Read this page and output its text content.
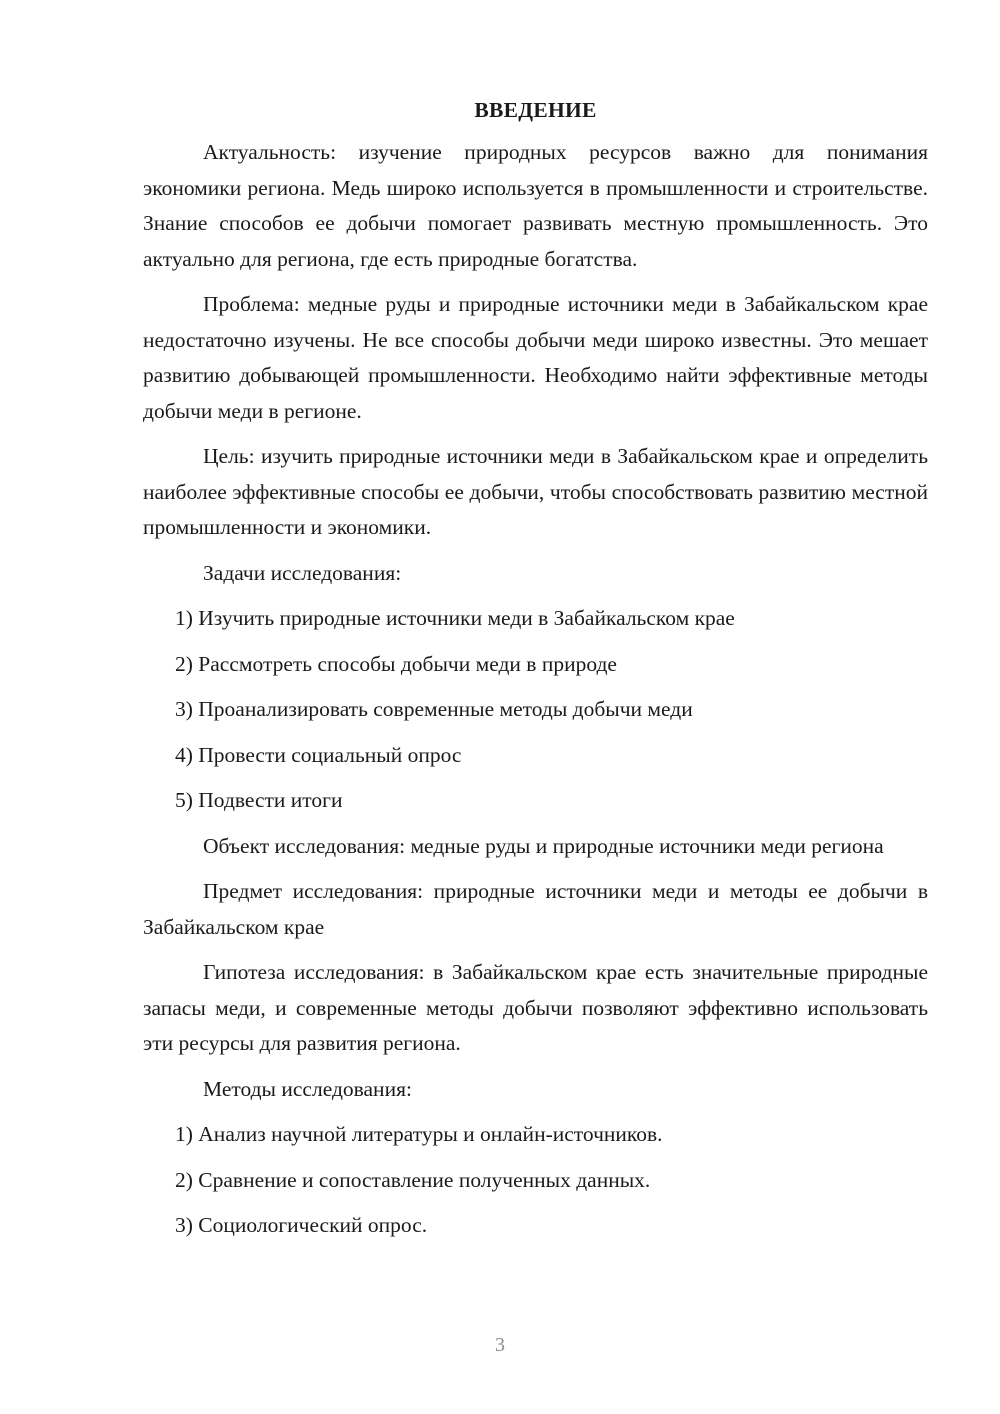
ВВЕДЕНИЕ

Актуальность: изучение природных ресурсов важно для понимания экономики региона. Медь широко используется в промышленности и строительстве. Знание способов ее добычи помогает развивать местную промышленность. Это актуально для региона, где есть природные богатства.

Проблема: медные руды и природные источники меди в Забайкальском крае недостаточно изучены. Не все способы добычи меди широко известны. Это мешает развитию добывающей промышленности. Необходимо найти эффективные методы добычи меди в регионе.

Цель: изучить природные источники меди в Забайкальском крае и определить наиболее эффективные способы ее добычи, чтобы способствовать развитию местной промышленности и экономики.

Задачи исследования:

1) Изучить природные источники меди в Забайкальском крае

2) Рассмотреть способы добычи меди в природе

3) Проанализировать современные методы добычи меди

4) Провести социальный опрос

5) Подвести итоги

Объект исследования: медные руды и природные источники меди региона

Предмет исследования: природные источники меди и методы ее добычи в Забайкальском крае

Гипотеза исследования: в Забайкальском крае есть значительные природные запасы меди, и современные методы добычи позволяют эффективно использовать эти ресурсы для развития региона.

Методы исследования:

1) Анализ научной литературы и онлайн-источников.

2) Сравнение и сопоставление полученных данных.

3) Социологический опрос.

3
